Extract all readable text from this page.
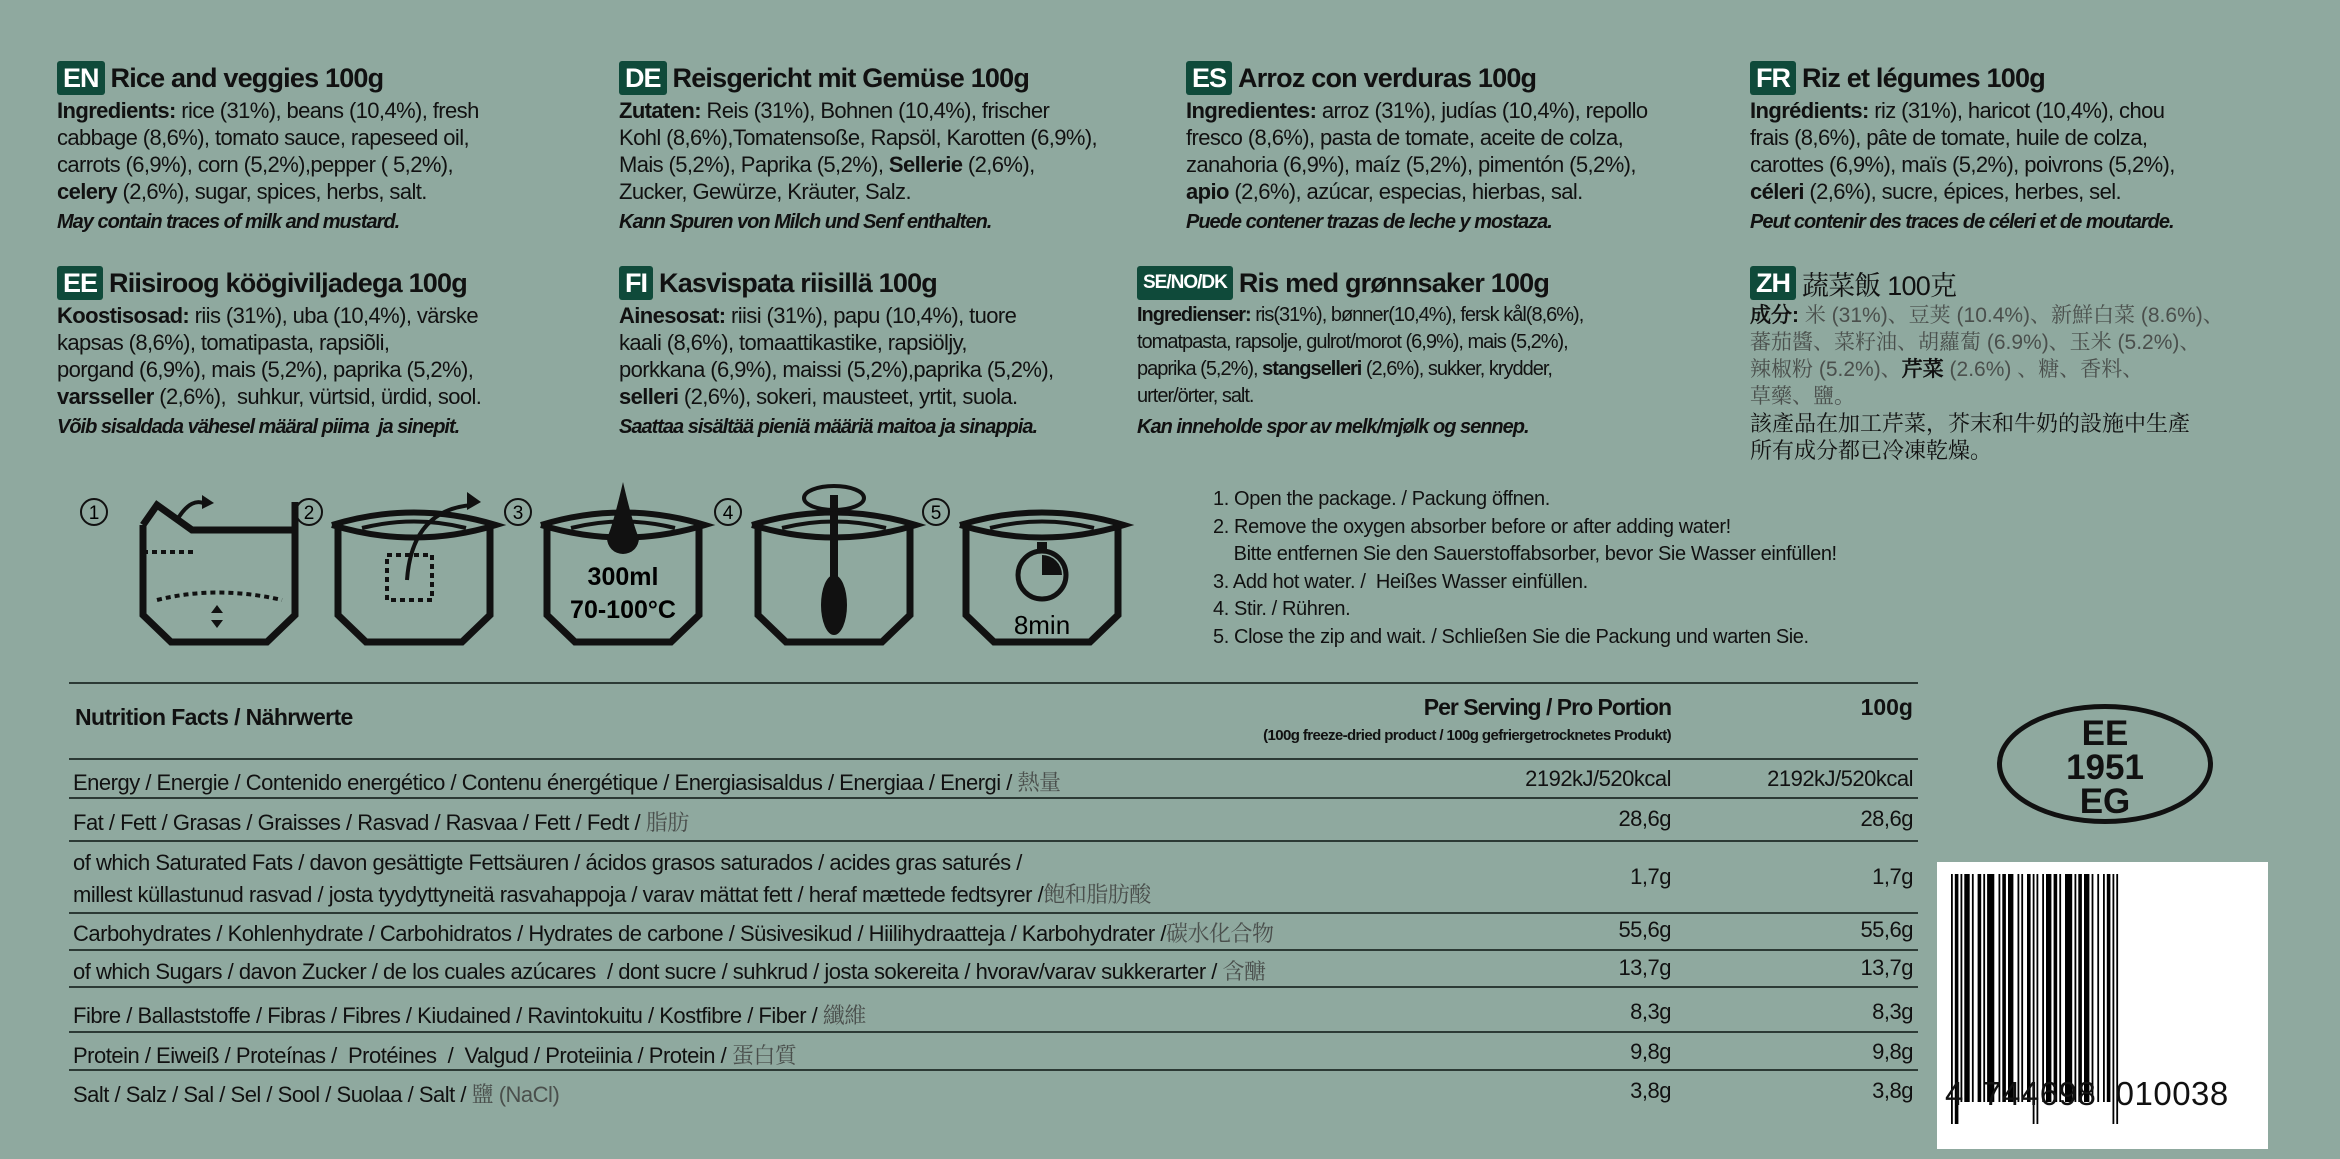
EN Rice and veggies 100g
Ingredients: rice (31%), beans (10,4%), fresh
cabbage (8,6%), tomato sauce, rapeseed oil,
carrots (6,9%), corn (5,2%),pepper ( 5,2%),
celery (2,6%), sugar, spices, herbs, salt.
May contain traces of milk and mustard.
DE Reisgericht mit Gemüse 100g
Zutaten: Reis (31%), Bohnen (10,4%), frischer
Kohl (8,6%),Tomatensoße, Rapsöl, Karotten (6,9%),
Mais (5,2%), Paprika (5,2%), Sellerie (2,6%),
Zucker, Gewürze, Kräuter, Salz.
Kann Spuren von Milch und Senf enthalten.
ES Arroz con verduras 100g
Ingredientes: arroz (31%), judías (10,4%), repollo
fresco (8,6%), pasta de tomate, aceite de colza,
zanahoria (6,9%), maíz (5,2%), pimentón (5,2%),
apio (2,6%), azúcar, especias, hierbas, sal.
Puede contener trazas de leche y mostaza.
FR Riz et légumes 100g
Ingrédients: riz (31%), haricot (10,4%), chou
frais (8,6%), pâte de tomate, huile de colza,
carottes (6,9%), maïs (5,2%), poivrons (5,2%),
céleri (2,6%), sucre, épices, herbes, sel.
Peut contenir des traces de céleri et de moutarde.
EE Riisiroog köögiviljadega 100g
Koostisosad: riis (31%), uba (10,4%), värske
kapsas (8,6%), tomatipasta, rapsiõli,
porgand (6,9%), mais (5,2%), paprika (5,2%),
varsseller (2,6%),  suhkur, vürtsid, ürdid, sool.
Võib sisaldada vähesel määral piima  ja sinepit.
FI Kasvispata riisillä 100g
Ainesosat: riisi (31%), papu (10,4%), tuore
kaali (8,6%), tomaattikastike, rapsiöljy,
porkkana (6,9%), maissi (5,2%),paprika (5,2%),
selleri (2,6%), sokeri, mausteet, yrtit, suola.
Saattaa sisältää pieniä määriä maitoa ja sinappia.
SE/NO/DK Ris med grønnsaker 100g
Ingredienser: ris(31%), bønner(10,4%), fersk kål(8,6%),
tomatpasta, rapsolje, gulrot/morot (6,9%), mais (5,2%),
paprika (5,2%), stangselleri (2,6%), sukker, krydder,
urter/örter, salt.
Kan inneholde spor av melk/mjølk og sennep.
ZH 蔬菜飯 100克
成分: 米 (31%)、豆荚 (10.4%)、新鮮白菜 (8.6%)、
蕃茄醬、菜籽油、胡蘿蔔 (6.9%)、玉米 (5.2%)、
辣椒粉 (5.2%)、芹菜 (2.6%) 、糖、香料、
草藥、鹽。
該產品在加工芹菜，芥末和牛奶的設施中生產
所有成分都已冷凍乾燥。
1	2	3
300ml
70-100°C
4	5
8min
1. Open the package. / Packung öffnen.
2. Remove the oxygen absorber before or after adding water!
Bitte entfernen Sie den Sauerstoffabsorber, bevor Sie Wasser einfüllen!
3. Add hot water. /  Heißes Wasser einfüllen.
4. Stir. / Rühren.
5. Close the zip and wait. / Schließen Sie die Packung und warten Sie.
Nutrition Facts / Nährwerte	Per Serving / Pro Portion
(100g freeze-dried product / 100g gefriergetrocknetes Produkt)
100g
Energy / Energie / Contenido energético / Contenu énergétique / Energiasisaldus / Energiaa / Energi / 熱量	2192kJ/520kcal	2192kJ/520kcal
Fat / Fett / Grasas / Graisses / Rasvad / Rasvaa / Fett / Fedt / 脂肪	28,6g	28,6g
of which Saturated Fats / davon gesättigte Fettsäuren / ácidos grasos saturados / acides gras saturés /
millest küllastunud rasvad / josta tyydyttyneitä rasvahappoja / varav mättat fett / heraf mættede fedtsyrer /飽和脂肪酸
1,7g	1,7g
Carbohydrates / Kohlenhydrate / Carbohidratos / Hydrates de carbone / Süsivesikud / Hiilihydraatteja / Karbohydrater /碳水化合物	55,6g	55,6g
of which Sugars / davon Zucker / de los cuales azúcares  / dont sucre / suhkrud / josta sokereita / hvorav/varav sukkerarter / 含醣	13,7g	13,7g
Fibre / Ballaststoffe / Fibras / Fibres / Kiudained / Ravintokuitu / Kostfibre / Fiber / 纖維	8,3g	8,3g
Protein / Eiweiß / Proteínas /  Protéines  /  Valgud / Proteiinia / Protein / 蛋白質	9,8g	9,8g
Salt / Salz / Sal / Sel / Sool / Suolaa / Salt / 鹽 (NaCl)	3,8g	3,8g
EE
1951
EG
4  744698  010038
